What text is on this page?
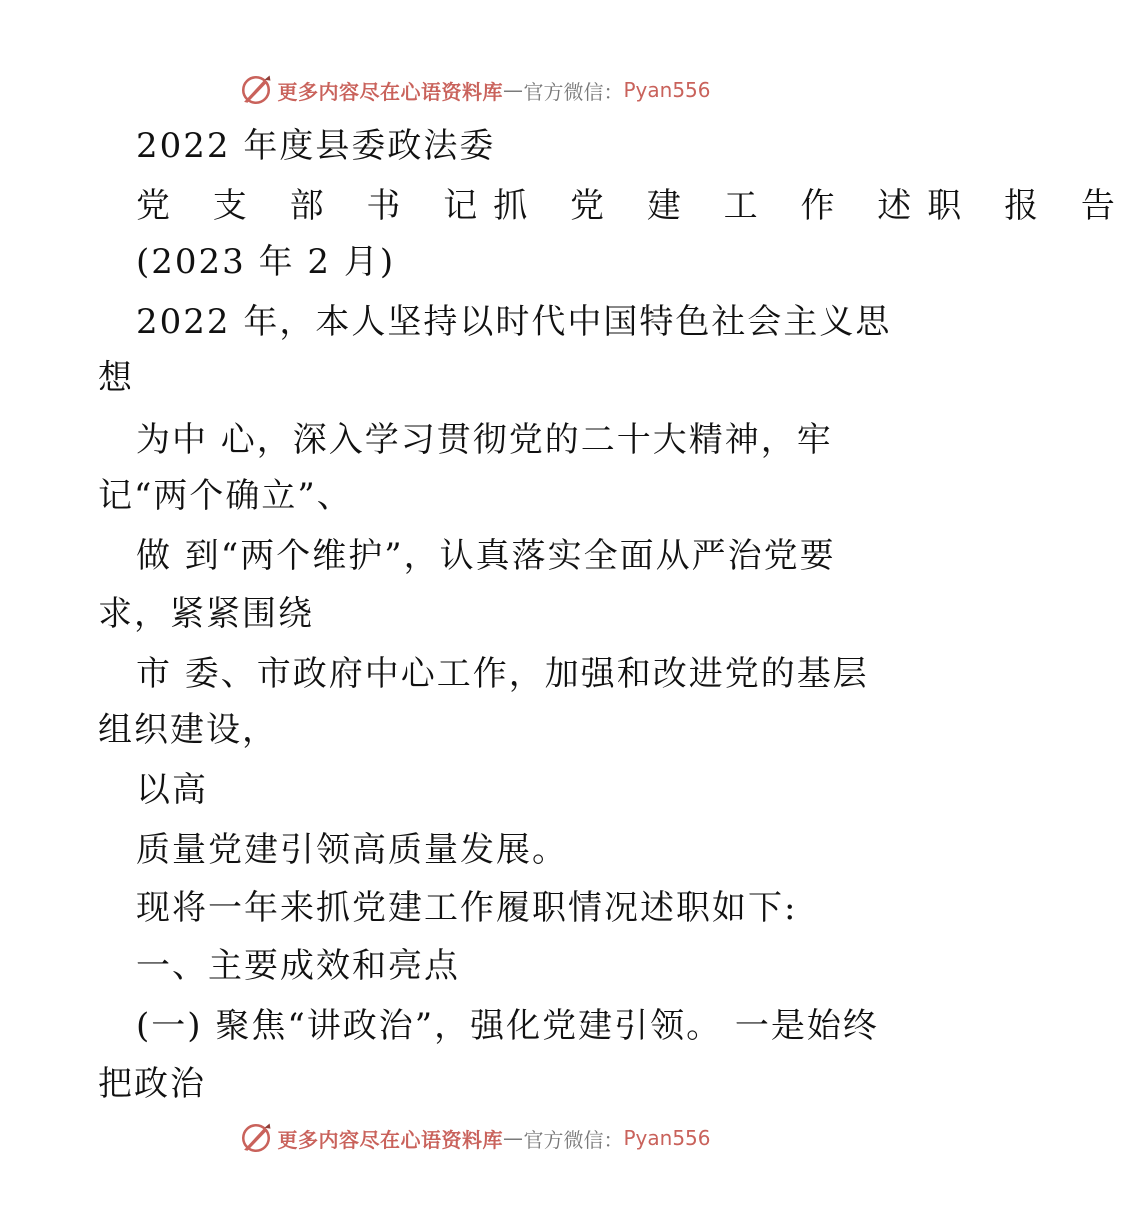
更多内容尽在心语资料库 — 官方微信： Pyan556
2022 年度县委政法委
党 支 部 书 记抓 党 建 工 作 述职 报 告
(2023 年 2 月)
2022 年，本人坚持以时代中国特色社会主义思
想
为中 心，深入学习贯彻党的二十大精神，牢
记“两个确立”、
做 到“两个维护”，认真落实全面从严治党要
求，紧紧围绕
市 委、市政府中心工作，加强和改进党的基层
组织建设，
以高
质量党建引领高质量发展。
现将一年来抓党建工作履职情况述职如下:
一、主要成效和亮点
(一) 聚焦“讲政治”，强化党建引领。 一是始终
把政治
更多内容尽在心语资料库 — 官方微信： Pyan556
